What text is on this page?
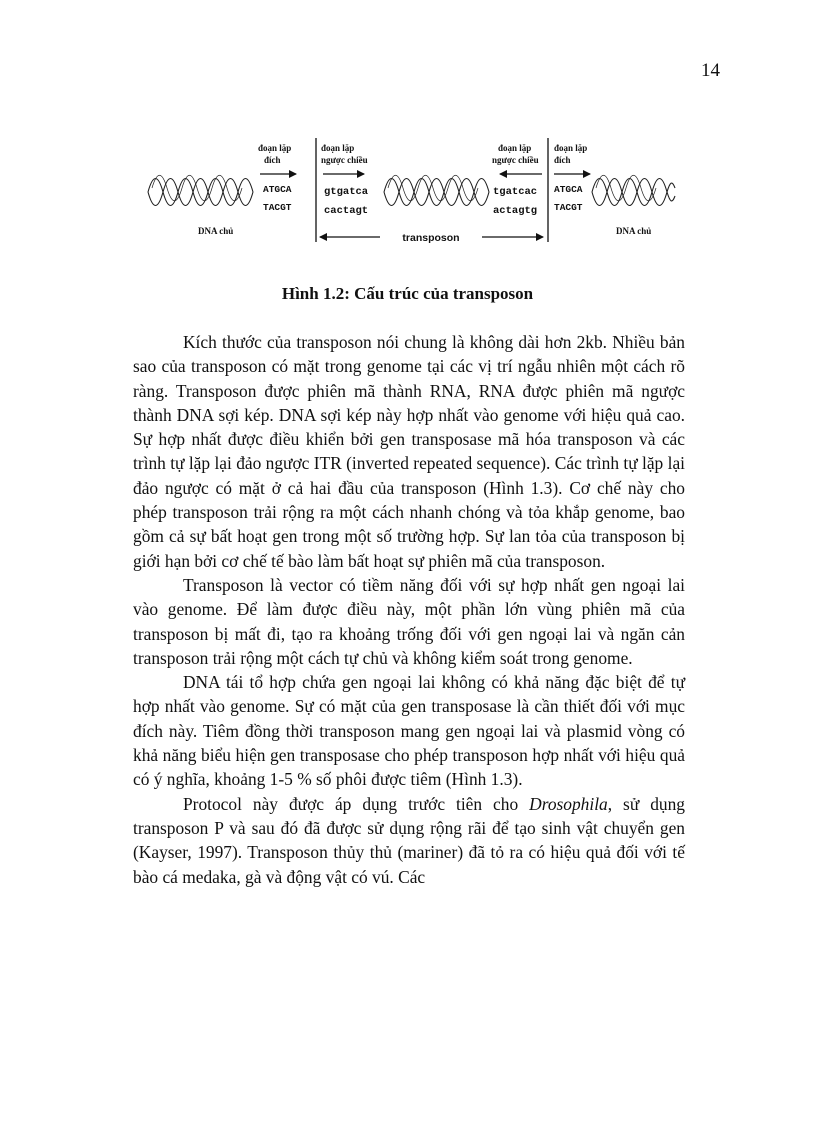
14
đoạn lặp
đích
ATGCA
TACGT
đoạn lặp
ngược chiều
gtgatca
cactagt
đoạn lặp
ngược chiều
tgatcac
actagtg
đoạn lặp
đích
ATGCA
TACGT
DNA chủ	DNA chủ
transposon
Hình 1.2: Cấu trúc của transposon

Kích thước của transposon nói chung là không dài hơn 2kb. Nhiều bản sao của transposon có mặt trong genome tại các vị trí ngẫu nhiên một cách rõ ràng. Transposon được phiên mã thành RNA, RNA được phiên mã ngược thành DNA sợi kép. DNA sợi kép này hợp nhất vào genome với hiệu quả cao. Sự hợp nhất được điều khiển bởi gen transposase mã hóa transposon và các trình tự lặp lại đảo ngược ITR (inverted repeated sequence). Các trình tự lặp lại đảo ngược có mặt ở cả hai đầu của transposon (Hình 1.3). Cơ chế này cho phép transposon trải rộng ra một cách nhanh chóng và tỏa khắp genome, bao gồm cả sự bất hoạt gen trong một số trường hợp. Sự lan tỏa của transposon bị giới hạn bởi cơ chế tế bào làm bất hoạt sự phiên mã của transposon.

Transposon là vector có tiềm năng đối với sự hợp nhất gen ngoại lai vào genome. Để làm được điều này, một phần lớn vùng phiên mã của transposon bị mất đi, tạo ra khoảng trống đối với gen ngoại lai và ngăn cản transposon trải rộng một cách tự chủ và không kiểm soát trong genome.

DNA tái tổ hợp chứa gen ngoại lai không có khả năng đặc biệt để tự hợp nhất vào genome. Sự có mặt của gen transposase là cần thiết đối với mục đích này. Tiêm đồng thời transposon mang gen ngoại lai và plasmid vòng có khả năng biểu hiện gen transposase cho phép transposon hợp nhất với hiệu quả có ý nghĩa, khoảng 1-5 % số phôi được tiêm (Hình 1.3).

Protocol này được áp dụng trước tiên cho Drosophila, sử dụng transposon P và sau đó đã được sử dụng rộng rãi để tạo sinh vật chuyển gen (Kayser, 1997). Transposon thủy thủ (mariner) đã tỏ ra có hiệu quả đối với tế bào cá medaka, gà và động vật có vú. Các
